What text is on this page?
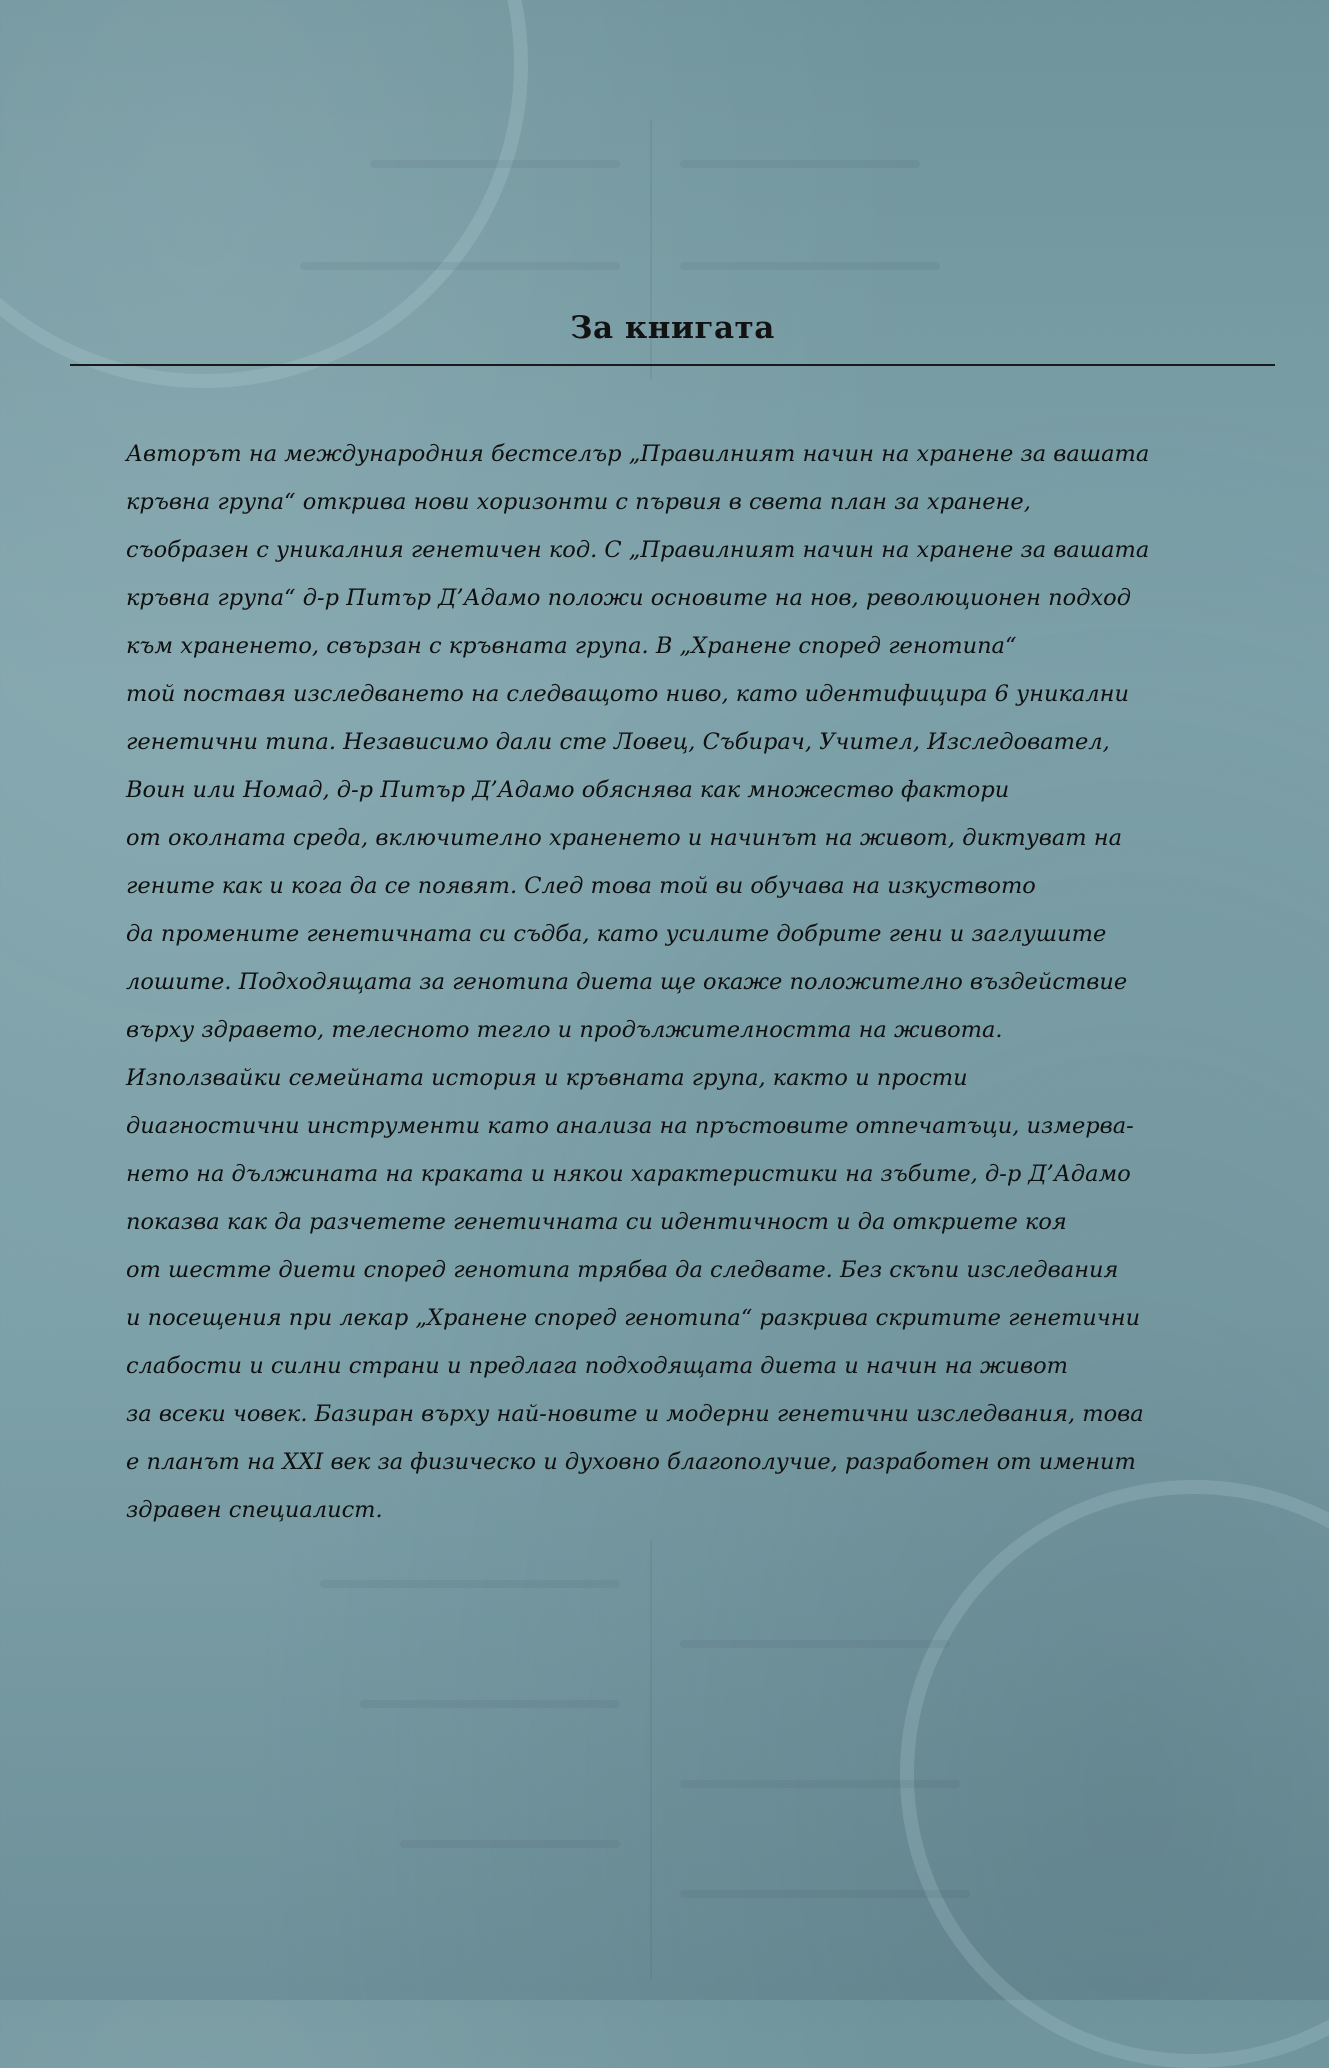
За книгата
Авторът на международния бестселър „Правилният начин на хранене за вашата
кръвна група“ открива нови хоризонти с първия в света план за хранене,
съобразен с уникалния генетичен код. С „Правилният начин на хранене за вашата
кръвна група“ д-р Питър Д’Адамо положи основите на нов, революционен подход
към храненето, свързан с кръвната група. В „Хранене според генотипа“
той поставя изследването на следващото ниво, като идентифицира 6 уникални
генетични типа. Независимо дали сте Ловец, Събирач, Учител, Изследовател,
Воин или Номад, д-р Питър Д’Адамо обяснява как множество фактори
от околната среда, включително храненето и начинът на живот, диктуват на
гените как и кога да се появят. След това той ви обучава на изкуството
да промените генетичната си съдба, като усилите добрите гени и заглушите
лошите. Подходящата за генотипа диета ще окаже положително въздействие
върху здравето, телесното тегло и продължителността на живота.
Използвайки семейната история и кръвната група, както и прости
диагностични инструменти като анализа на пръстовите отпечатъци, измерва-
нето на дължината на краката и някои характеристики на зъбите, д-р Д’Адамо
показва как да разчетете генетичната си идентичност и да откриете коя
от шестте диети според генотипа трябва да следвате. Без скъпи изследвания
и посещения при лекар „Хранене според генотипа“ разкрива скритите генетични
слабости и силни страни и предлага подходящата диета и начин на живот
за всеки човек. Базиран върху най-новите и модерни генетични изследвания, това
е планът на XXI век за физическо и духовно благополучие, разработен от именит
здравен специалист.
